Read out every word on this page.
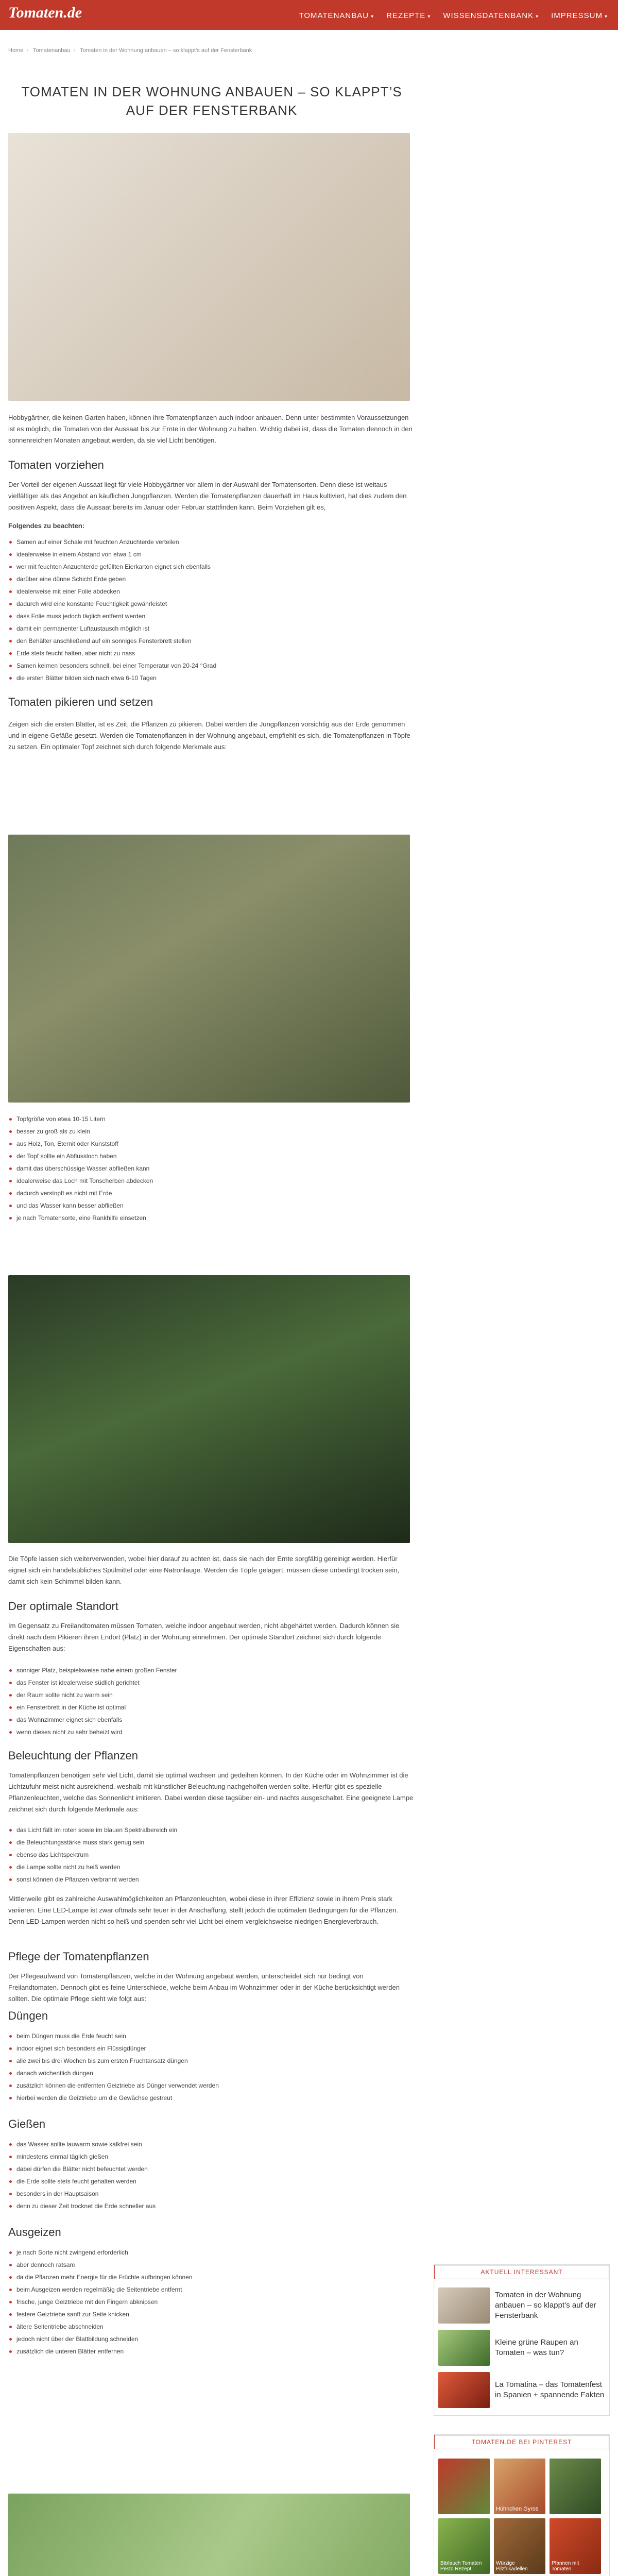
Tomaten.de	TOMATENANBAU ▾ REZEPTE ▾ WISSENSDATENBANK ▾ IMPRESSUM ▾
Home › Tomatenanbau › Tomaten in der Wohnung anbauen – so klappt’s auf der Fensterbank
TOMATEN IN DER WOHNUNG ANBAUEN – SO KLAPPT’S AUF DER FENSTERBANK
Hobbygärtner, die keinen Garten haben, können ihre Tomatenpflanzen auch indoor anbauen. Denn unter bestimmten Voraussetzungen ist es möglich, die Tomaten von der Aussaat bis zur Ernte in der Wohnung zu halten. Wichtig dabei ist, dass die Tomaten dennoch in den sonnenreichen Monaten angebaut werden, da sie viel Licht benötigen.
Tomaten vorziehen
Der Vorteil der eigenen Aussaat liegt für viele Hobbygärtner vor allem in der Auswahl der Tomatensorten. Denn diese ist weitaus vielfältiger als das Angebot an käuflichen Jungpflanzen. Werden die Tomatenpflanzen dauerhaft im Haus kultiviert, hat dies zudem den positiven Aspekt, dass die Aussaat bereits im Januar oder Februar stattfinden kann. Beim Vorziehen gilt es,
Folgendes zu beachten:
Samen auf einer Schale mit feuchten Anzuchterde verteilen
idealerweise in einem Abstand von etwa 1 cm
wer mit feuchten Anzuchterde gefüllten Eierkarton eignet sich ebenfalls
darüber eine dünne Schicht Erde geben
idealerweise mit einer Folie abdecken
dadurch wird eine konstante Feuchtigkeit gewährleistet
dass Folie muss jedoch täglich entfernt werden
damit ein permanenter Luftaustausch möglich ist
den Behälter anschließend auf ein sonniges Fensterbrett stellen
Erde stets feucht halten, aber nicht zu nass
Samen keimen besonders schnell, bei einer Temperatur von 20-24 °Grad
die ersten Blätter bilden sich nach etwa 6-10 Tagen
Tomaten pikieren und setzen
Zeigen sich die ersten Blätter, ist es Zeit, die Pflanzen zu pikieren. Dabei werden die Jungpflanzen vorsichtig aus der Erde genommen und in eigene Gefäße gesetzt. Werden die Tomatenpflanzen in der Wohnung angebaut, empfiehlt es sich, die Tomatenpflanzen in Töpfe zu setzen. Ein optimaler Topf zeichnet sich durch folgende Merkmale aus:
Topfgröße von etwa 10-15 Litern
besser zu groß als zu klein
aus Holz, Ton, Eternit oder Kunststoff
der Topf sollte ein Abflussloch haben
damit das überschüssige Wasser abfließen kann
idealerweise das Loch mit Tonscherben abdecken
dadurch verstopft es nicht mit Erde
und das Wasser kann besser abfließen
je nach Tomatensorte, eine Rankhilfe einsetzen
Die Töpfe lassen sich weiterverwenden, wobei hier darauf zu achten ist, dass sie nach der Ernte sorgfältig gereinigt werden. Hierfür eignet sich ein handelsübliches Spülmittel oder eine Natronlauge. Werden die Töpfe gelagert, müssen diese unbedingt trocken sein, damit sich kein Schimmel bilden kann.
Der optimale Standort
Im Gegensatz zu Freilandtomaten müssen Tomaten, welche indoor angebaut werden, nicht abgehärtet werden. Dadurch können sie direkt nach dem Pikieren ihren Endort (Platz) in der Wohnung einnehmen. Der optimale Standort zeichnet sich durch folgende Eigenschaften aus:
sonniger Platz, beispielsweise nahe einem großen Fenster
das Fenster ist idealerweise südlich gerichtet
der Raum sollte nicht zu warm sein
ein Fensterbrett in der Küche ist optimal
das Wohnzimmer eignet sich ebenfalls
wenn dieses nicht zu sehr beheizt wird
Beleuchtung der Pflanzen
Tomatenpflanzen benötigen sehr viel Licht, damit sie optimal wachsen und gedeihen können. In der Küche oder im Wohnzimmer ist die Lichtzufuhr meist nicht ausreichend, weshalb mit künstlicher Beleuchtung nachgeholfen werden sollte. Hierfür gibt es spezielle Pflanzenleuchten, welche das Sonnenlicht imitieren. Dabei werden diese tagsüber ein- und nachts ausgeschaltet. Eine geeignete Lampe zeichnet sich durch folgende Merkmale aus:
das Licht fällt im roten sowie im blauen Spektralbereich ein
die Beleuchtungsstärke muss stark genug sein
ebenso das Lichtspektrum
die Lampe sollte nicht zu heiß werden
sonst können die Pflanzen verbrannt werden
Mittlerweile gibt es zahlreiche Auswahlmöglichkeiten an Pflanzenleuchten, wobei diese in ihrer Effizienz sowie in ihrem Preis stark variieren. Eine LED-Lampe ist zwar oftmals sehr teuer in der Anschaffung, stellt jedoch die optimalen Bedingungen für die Pflanzen. Denn LED-Lampen werden nicht so heiß und spenden sehr viel Licht bei einem vergleichsweise niedrigen Energieverbrauch.
Pflege der Tomatenpflanzen
Der Pflegeaufwand von Tomatenpflanzen, welche in der Wohnung angebaut werden, unterscheidet sich nur bedingt von Freilandtomaten. Dennoch gibt es feine Unterschiede, welche beim Anbau im Wohnzimmer oder in der Küche berücksichtigt werden sollten. Die optimale Pflege sieht wie folgt aus:
Düngen
beim Düngen muss die Erde feucht sein
indoor eignet sich besonders ein Flüssigdünger
alle zwei bis drei Wochen bis zum ersten Fruchtansatz düngen
danach wöchentlich düngen
zusätzlich können die entfernten Geiztriebe als Dünger verwendet werden
hierbei werden die Geiztriebe um die Gewächse gestreut
Gießen
das Wasser sollte lauwarm sowie kalkfrei sein
mindestens einmal täglich gießen
dabei dürfen die Blätter nicht befeuchtet werden
die Erde sollte stets feucht gehalten werden
besonders in der Hauptsaison
denn zu dieser Zeit trocknet die Erde schneller aus
Ausgeizen
je nach Sorte nicht zwingend erforderlich
aber dennoch ratsam
da die Pflanzen mehr Energie für die Früchte aufbringen können
beim Ausgeizen werden regelmäßig die Seitentriebe entfernt
frische, junge Geiztriebe mit den Fingern abknipsen
festere Geiztriebe sanft zur Seite knicken
ältere Seitentriebe abschneiden
jedoch nicht über der Blattbildung schneiden
zusätzlich die unteren Blätter entfernen
AKTUELL INTERESSANT
Tomaten in der Wohnung anbauen – so klappt’s auf der Fensterbank
Kleine grüne Raupen an Tomaten – was tun?
La Tomatina – das Tomatenfest in Spanien + spannende Fakten
TOMATEN.DE BEI PINTEREST
Hühnchen Gyros
Bärlauch Tomaten Pesto Rezept
Würzige Pilzfrikadellen
Pfannen mit Tomaten
